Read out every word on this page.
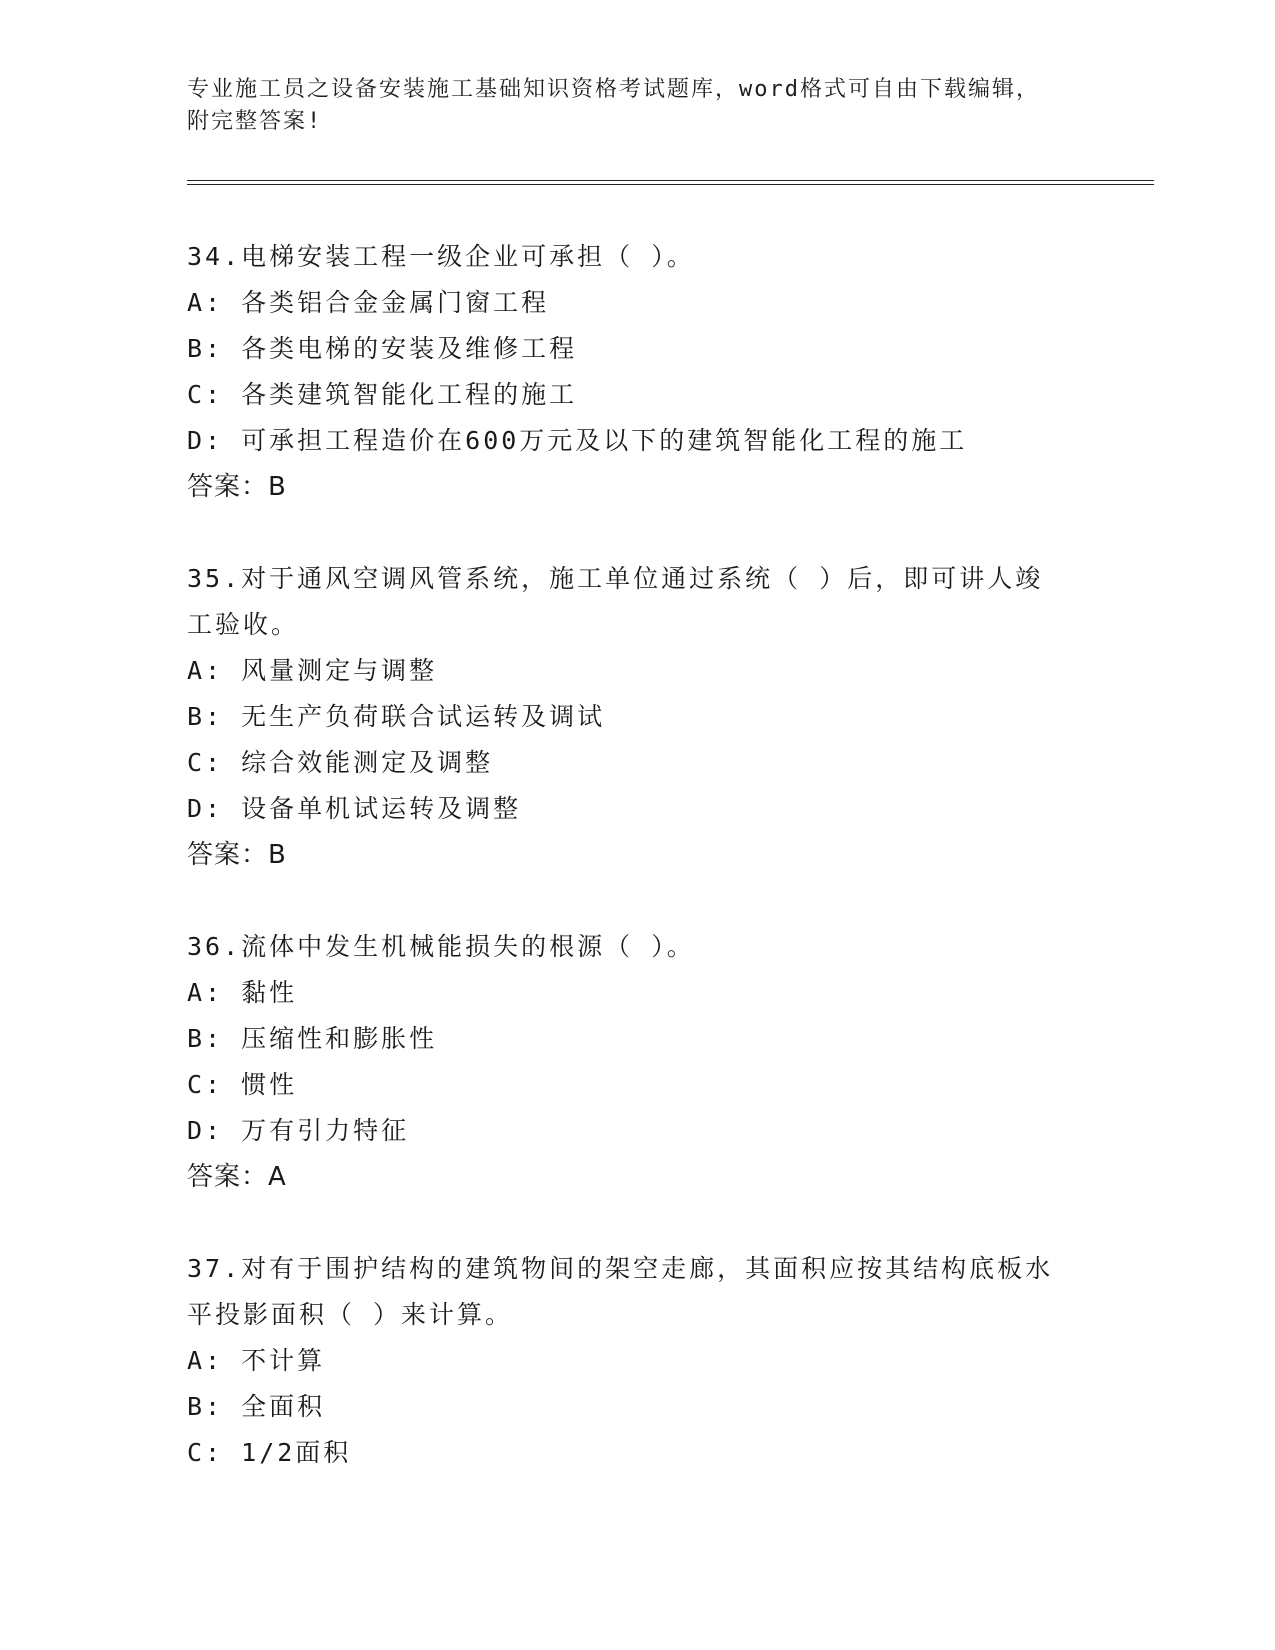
专业施工员之设备安装施工基础知识资格考试题库，word格式可自由下载编辑，
附完整答案!
34.电梯安装工程一级企业可承担（ ）。
A: 各类铝合金金属门窗工程
B: 各类电梯的安装及维修工程
C: 各类建筑智能化工程的施工
D: 可承担工程造价在600万元及以下的建筑智能化工程的施工
答案：B
35.对于通风空调风管系统，施工单位通过系统（ ）后，即可讲人竣
工验收。
A: 风量测定与调整
B: 无生产负荷联合试运转及调试
C: 综合效能测定及调整
D: 设备单机试运转及调整
答案：B
36.流体中发生机械能损失的根源（ ）。
A: 黏性
B: 压缩性和膨胀性
C: 惯性
D: 万有引力特征
答案：A
37.对有于围护结构的建筑物间的架空走廊，其面积应按其结构底板水
平投影面积（ ）来计算。
A: 不计算
B: 全面积
C: 1/2面积
